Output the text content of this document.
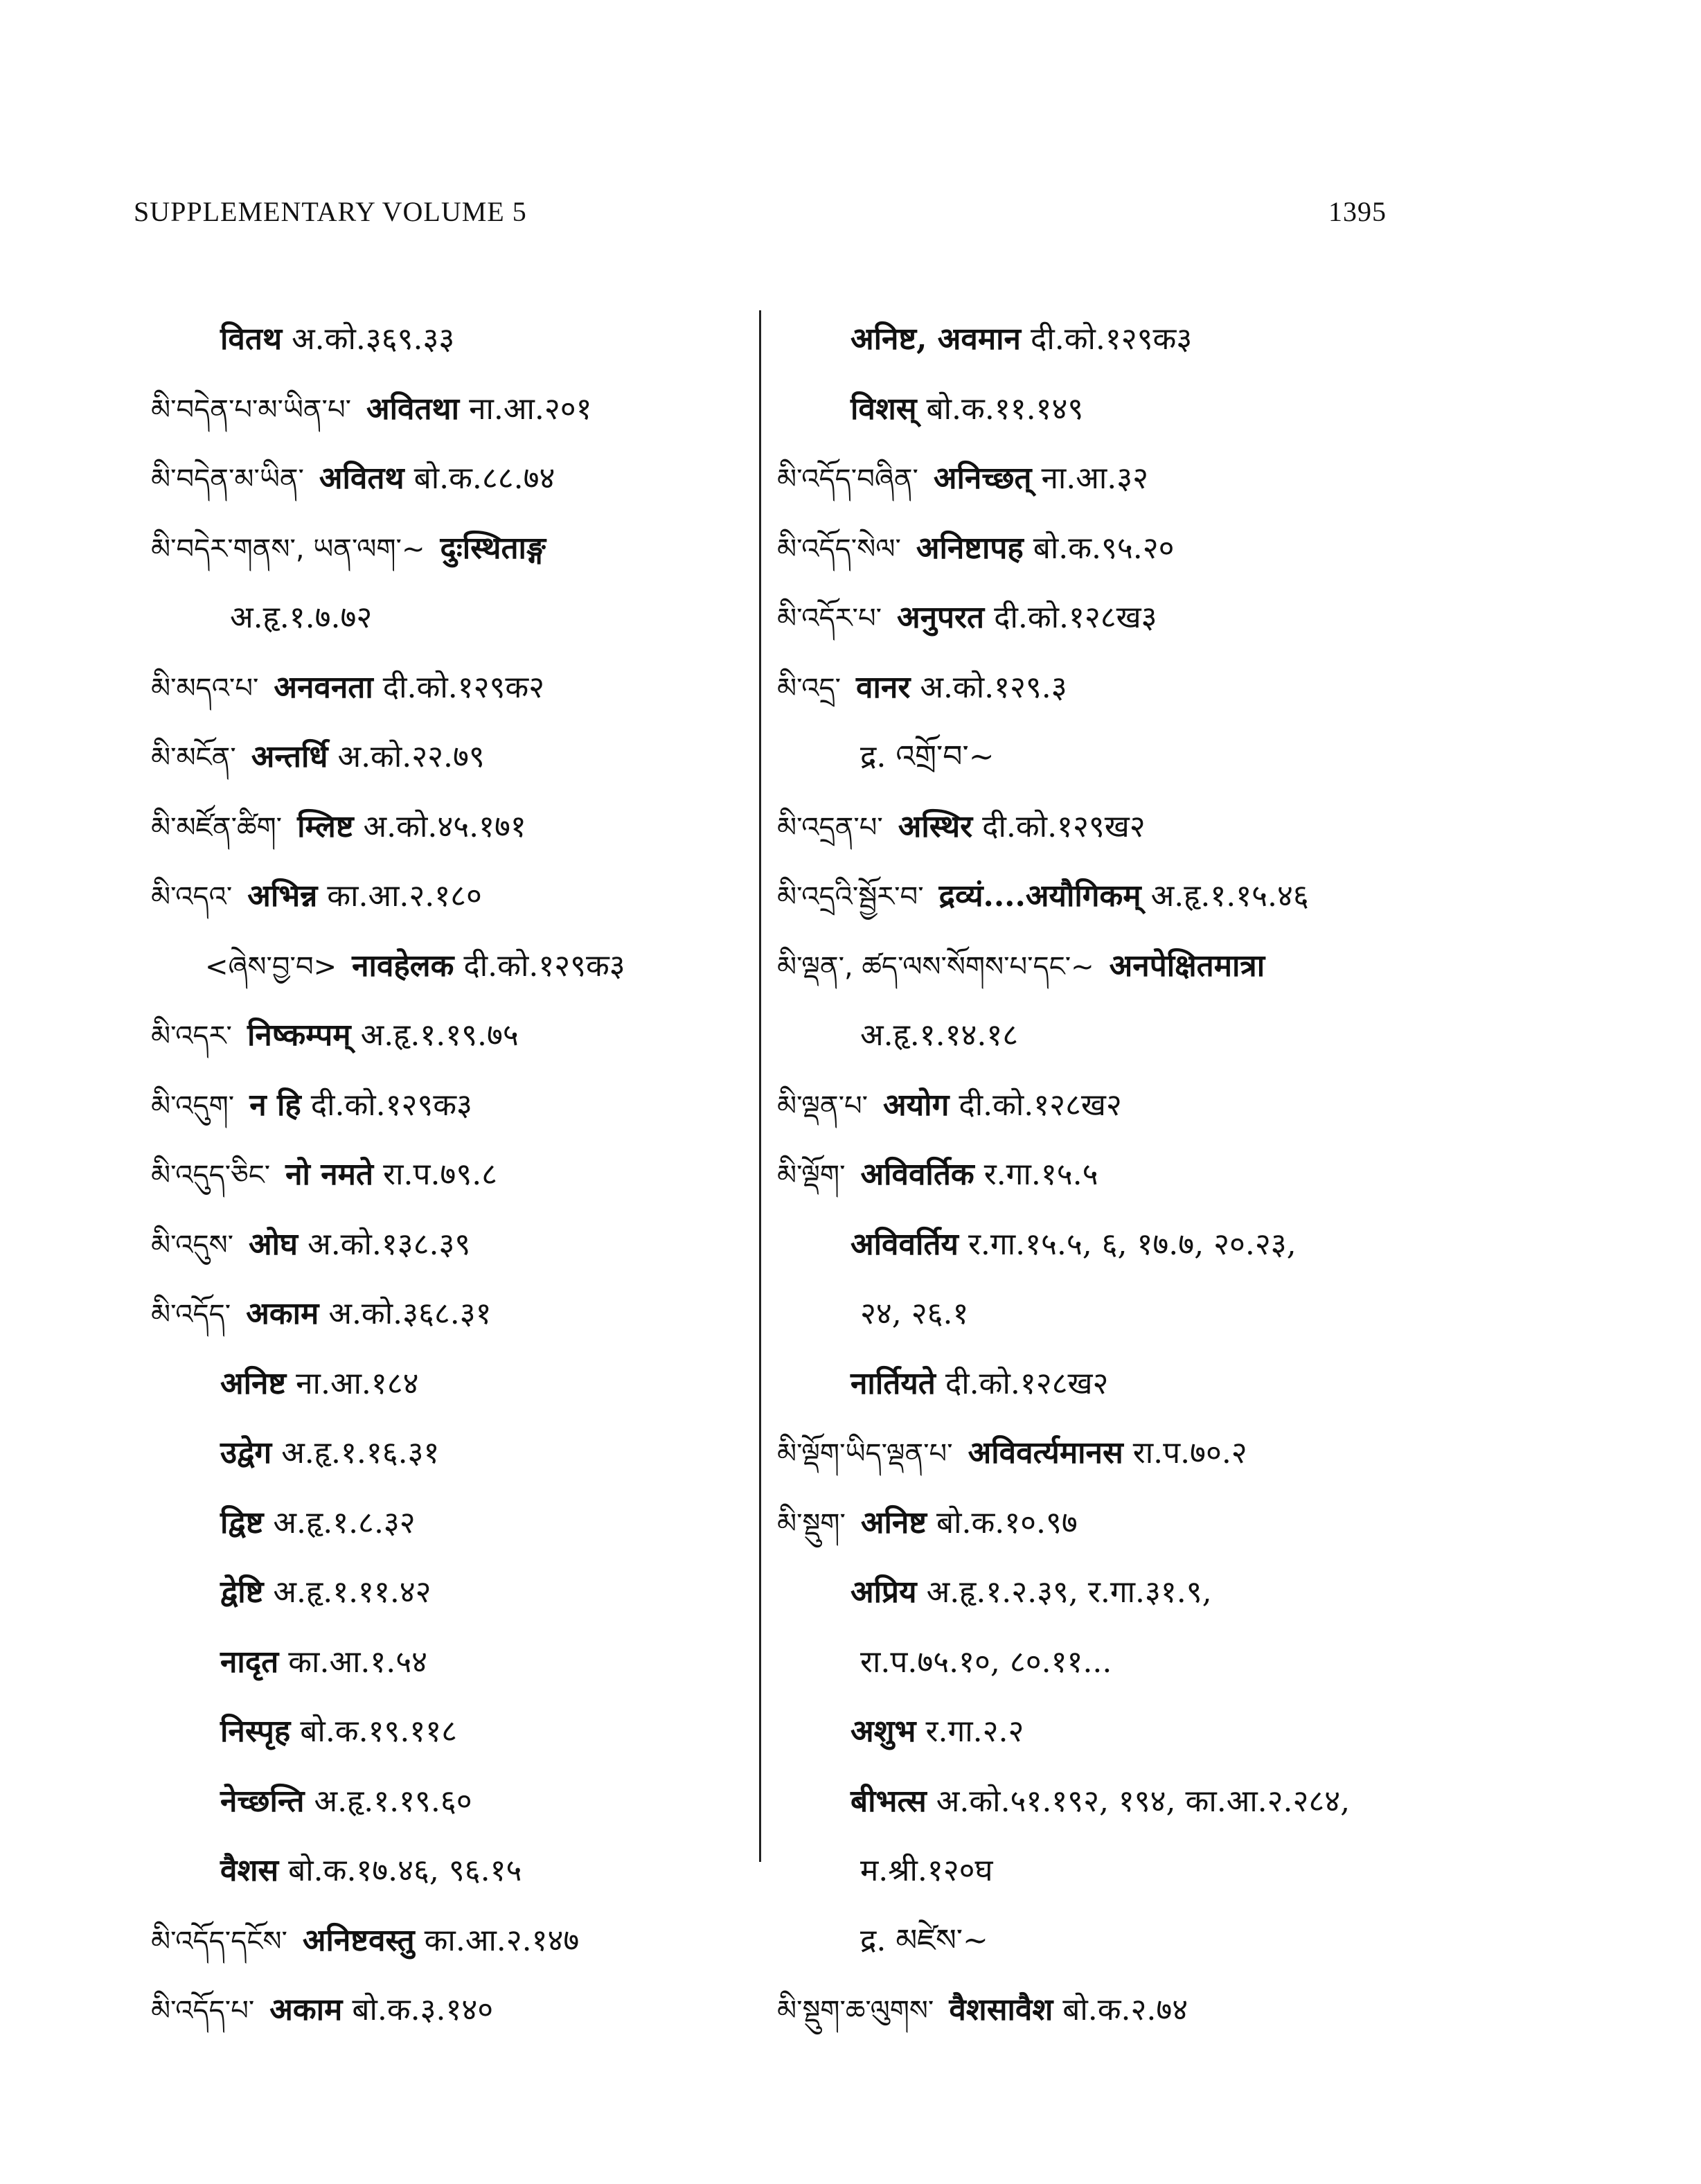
SUPPLEMENTARY VOLUME 5	1395
वितथ अ.को.३६९.३३
མི་བདེན་པ་མ་ཡིན་པ་ अवितथा ना.आ.२०१
མི་བདེན་མ་ཡིན་ अवितथ बो.क.८८.७४
མི་བདེར་གནས་, ཡན་ལག་~ दुःस्थिताङ्ग
अ.हृ.१.७.७२
མི་མདའ་པ་ अनवनता दी.को.१२९क२
མི་མངོན་ अन्तर्धि अ.को.२२.७९
མི་མཛོན་ཚིག་ म्लिष्ट अ.को.४५.१७१
མི་འདའ་ अभिन्न का.आ.२.१८०
<ཞེས་བྱ་བ> नावहेलक दी.को.१२९क३
མི་འདར་ निष्कम्पम् अ.हृ.१.१९.७५
མི་འདུག་ न हि दी.को.१२९क३
མི་འདུད་ཅིང་ नो नमते रा.प.७९.८
མི་འདུས་ ओघ अ.को.१३८.३९
མི་འདོད་ अकाम अ.को.३६८.३१
अनिष्ट ना.आ.१८४
उद्वेग अ.हृ.१.१६.३१
द्विष्ट अ.हृ.१.८.३२
द्वेष्टि अ.हृ.१.११.४२
नादृत का.आ.१.५४
निस्पृह बो.क.१९.११८
नेच्छन्ति अ.हृ.१.१९.६०
वैशस बो.क.१७.४६, ९६.१५
མི་འདོད་དངོས་ अनिष्टवस्तु का.आ.२.१४७
མི་འདོད་པ་ अकाम बो.क.३.१४०
अनिष्ट, अवमान दी.को.१२९क३
विशस् बो.क.११.१४९
མི་འདོད་བཞིན་ अनिच्छत् ना.आ.३२
མི་འདོད་སེལ་ अनिष्टापह बो.क.९५.२०
མི་འདོར་པ་ अनुपरत दी.को.१२८ख३
མི་འདྲ་ वानर अ.को.१२९.३
द्र. འགྲོ་བ་~
མི་འདྲན་པ་ अस्थिर दी.को.१२९ख२
མི་འདྲའི་སྦྱོར་བ་ द्रव्यं....अयौगिकम् अ.हृ.१.१५.४६
མི་ལྡན་, ཚད་ལས་སོགས་པ་དང་~ अनपेक्षितमात्रा
अ.हृ.१.१४.१८
མི་ལྡན་པ་ अयोग दी.को.१२८ख२
མི་ལྡོག་ अविवर्तिक र.गा.१५.५
अविवर्तिय र.गा.१५.५, ६, १७.७, २०.२३,
२४, २६.१
नार्तियते दी.को.१२८ख२
མི་ལྡོག་ཡིད་ལྡན་པ་ अविवर्त्यमानस रा.प.७०.२
མི་སྡུག་ अनिष्ट बो.क.१०.९७
अप्रिय अ.हृ.१.२.३९, र.गा.३१.९,
रा.प.७५.१०, ८०.११...
अशुभ र.गा.२.२
बीभत्स अ.को.५१.१९२, १९४, का.आ.२.२८४,
म.श्री.१२०घ
द्र. མཛེས་~
མི་སྡུག་ཆ་ལུགས་ वैशसावैश बो.क.२.७४
